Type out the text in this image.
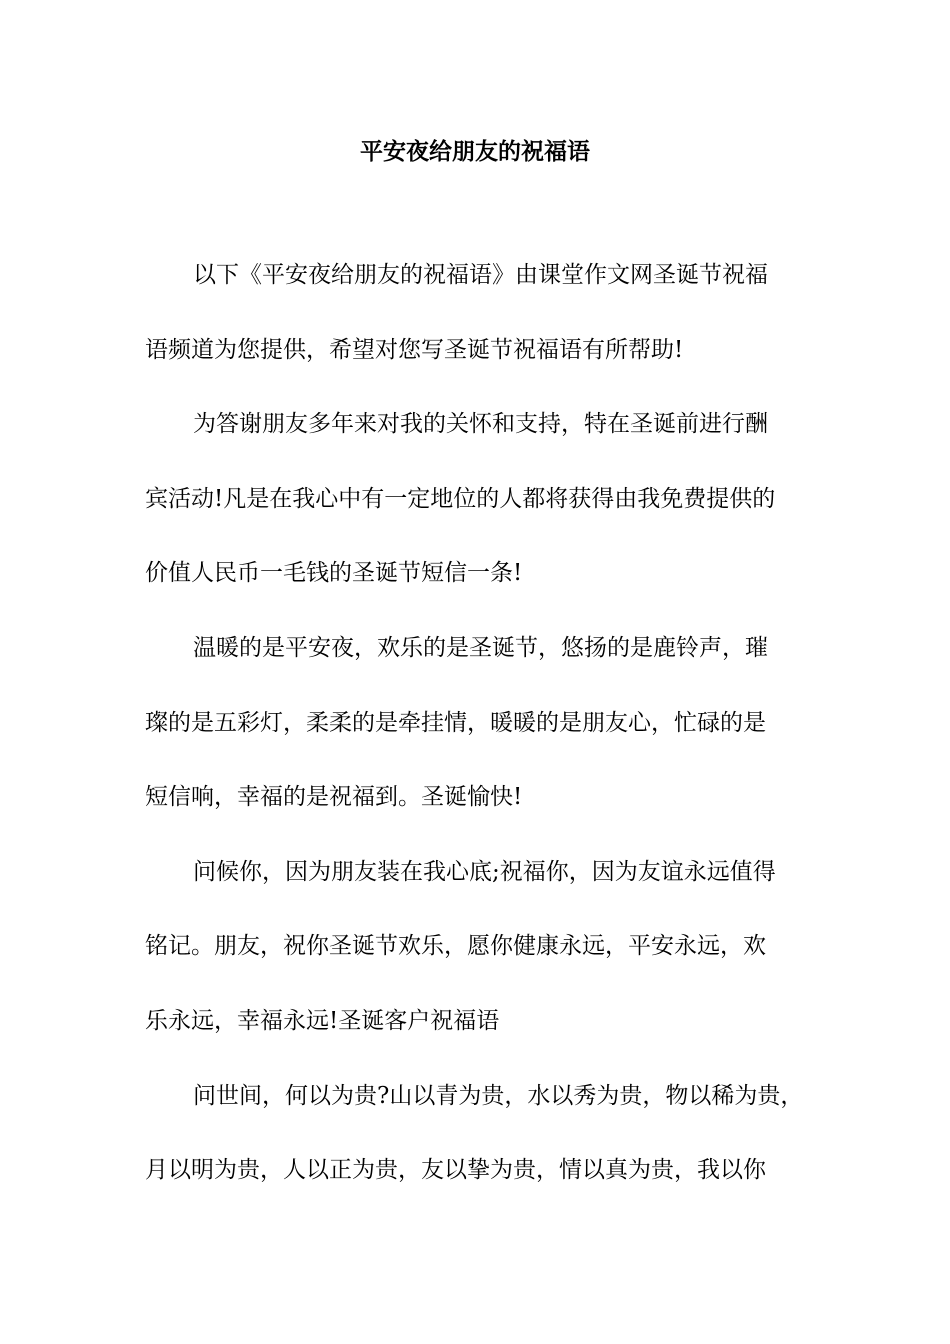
平安夜给朋友的祝福语
以下《平安夜给朋友的祝福语》由课堂作文网圣诞节祝福
语频道为您提供，希望对您写圣诞节祝福语有所帮助!
为答谢朋友多年来对我的关怀和支持，特在圣诞前进行酬
宾活动!凡是在我心中有一定地位的人都将获得由我免费提供的
价值人民币一毛钱的圣诞节短信一条!
温暖的是平安夜，欢乐的是圣诞节，悠扬的是鹿铃声，璀
璨的是五彩灯，柔柔的是牵挂情，暖暖的是朋友心，忙碌的是
短信响，幸福的是祝福到。圣诞愉快!
问候你，因为朋友装在我心底;祝福你，因为友谊永远值得
铭记。朋友，祝你圣诞节欢乐，愿你健康永远，平安永远，欢
乐永远，幸福永远!圣诞客户祝福语
问世间，何以为贵?山以青为贵，水以秀为贵，物以稀为贵，
月以明为贵，人以正为贵，友以挚为贵，情以真为贵，我以你
